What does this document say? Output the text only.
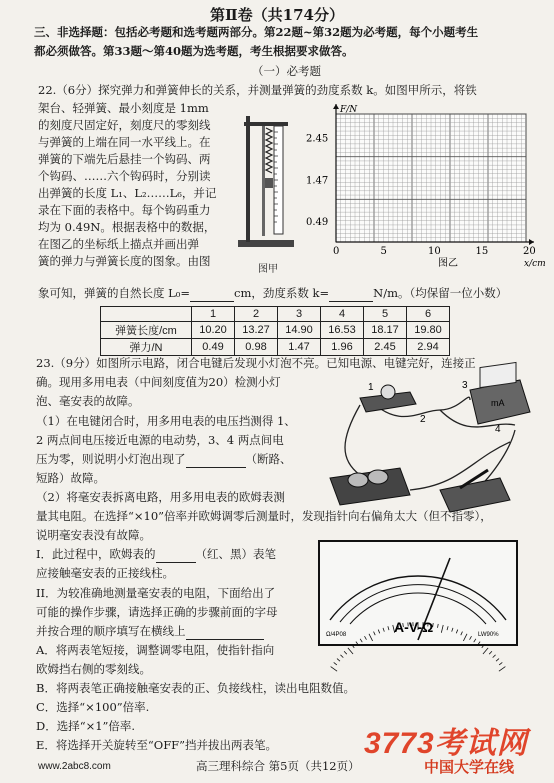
第Ⅱ卷（共174分）
三、非选择题：包括必考题和选考题两部分。第22题~第32题为必考题，每个小题考生
都必须做答。第33题～第40题为选考题，考生根据要求做答。
（一）必考题
22.（6分）探究弹力和弹簧伸长的关系，并测量弹簧的劲度系数 k。如图甲所示，将铁
架台、轻弹簧、最小刻度是 1mm
的刻度尺固定好，刻度尺的零刻线
与弹簧的上端在同一水平线上。在
弹簧的下端先后悬挂一个钩码、两
个钩码、……六个钩码时，分别读
出弹簧的长度 L₁、L₂……L₆，并记
录在下面的表格中。每个钩码重力
均为 0.49N。根据表格中的数据，
在图乙的坐标纸上描点并画出弹
簧的弹力与弹簧长度的图象。由图
象可知，弹簧的自然长度 L₀=	cm，劲度系数 k=	N/m。（均保留一位小数）
图甲
0	5	10	15	20
0.49
1.47
2.45
F/N
x/cm
图乙
	1	2	3	4	5	6
弹簧长度/cm	10.20	13.27	14.90	16.53	18.17	19.80
弹力/N	0.49	0.98	1.47	1.96	2.45	2.94
23.（9分）如图所示电路，闭合电键后发现小灯泡不亮。已知电源、电键完好，连接正
确。现用多用电表（中间刻度值为20）检测小灯
泡、毫安表的故障。
（1）在电键闭合时，用多用电表的电压挡测得 1、
2 两点间电压接近电源的电动势，3、4 两点间电
压为零，则说明小灯泡出现了	（断路、
短路）故障。
（2）将毫安表拆离电路，用多用电表的欧姆表测
量其电阻。在选择“×10”倍率并欧姆调零后测量时，发现指针向右偏角太大（但不指零），
说明毫安表没有故障。
I．此过程中，欧姆表的	（红、黑）表笔
应接触毫安表的正接线柱。
II．为较准确地测量毫安表的电阻，下面给出了
可能的操作步骤，请选择正确的步骤前面的字母
并按合理的顺序填写在横线上
A．将两表笔短接，调整调零电阻，使指针指向
欧姆挡右侧的零刻线。
B．将两表笔正确接触毫安表的正、负接线柱，读出电阻数值。
C．选择“×100”倍率.
D．选择“×1”倍率.
E．将选择开关旋转至“OFF”挡并拔出两表笔。
mA
1
2
3
4
A-V-Ω
Ω/4P08	LW90%
www.2abc8.com	高三理科综合 第5页（共12页）
3773考试网
中国大学在线
